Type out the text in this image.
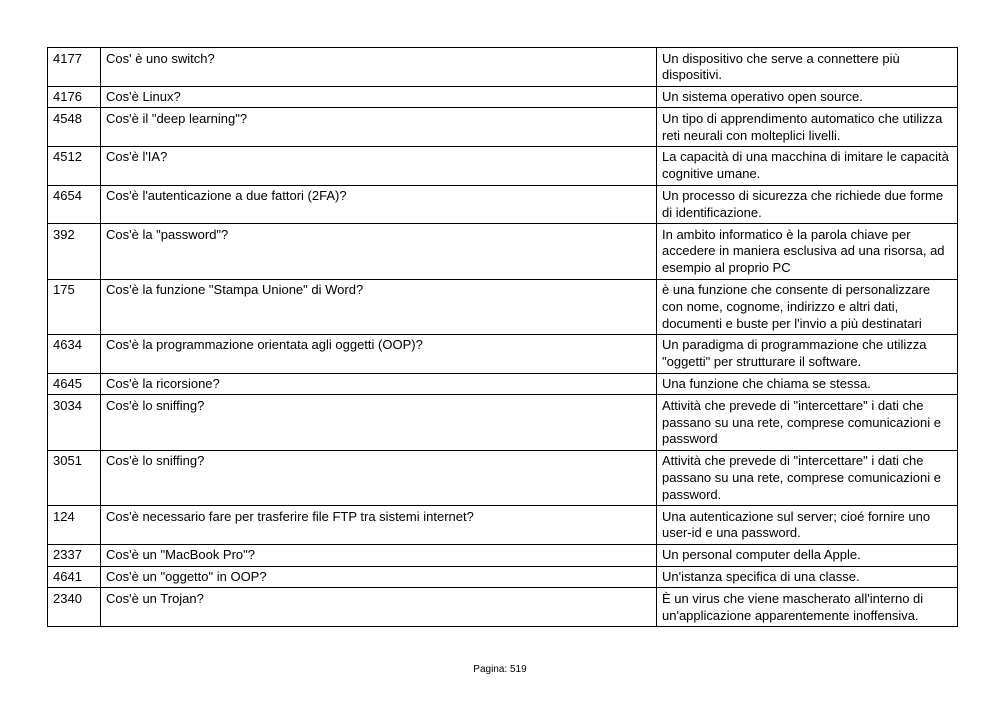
4177	Cos' è uno switch?	Un dispositivo che serve a connettere più dispositivi.
4176	Cos'è Linux?	Un sistema operativo open source.
4548	Cos'è il "deep learning"?	Un tipo di apprendimento automatico che utilizza reti neurali con molteplici livelli.
4512	Cos'è l'IA?	La capacità di una macchina di imitare le capacità cognitive umane.
4654	Cos'è l'autenticazione a due fattori (2FA)?	Un processo di sicurezza che richiede due forme di identificazione.
392	Cos'è la "password"?	In ambito informatico è la parola chiave per accedere in maniera esclusiva ad una risorsa, ad esempio al proprio PC
175	Cos'è la funzione "Stampa Unione" di Word?	è una funzione che consente di personalizzare con nome, cognome, indirizzo e altri dati, documenti e buste per l'invio a più destinatari
4634	Cos'è la programmazione orientata agli oggetti (OOP)?	Un paradigma di programmazione che utilizza "oggetti" per strutturare il software.
4645	Cos'è la ricorsione?	Una funzione che chiama se stessa.
3034	Cos'è lo sniffing?	Attività che prevede di "intercettare" i dati che passano su una rete, comprese comunicazioni e password
3051	Cos'è lo sniffing?	Attività che prevede di "intercettare" i dati che passano su una rete, comprese comunicazioni e password.
124	Cos'è necessario fare per trasferire file FTP tra sistemi internet?	Una autenticazione sul server; cioé fornire uno user-id e una password.
2337	Cos'è un "MacBook Pro"?	Un personal computer della Apple.
4641	Cos'è un "oggetto" in OOP?	Un'istanza specifica di una classe.
2340	Cos'è un Trojan?	È un virus che viene mascherato all'interno di un'applicazione apparentemente inoffensiva.
Pagina: 519
